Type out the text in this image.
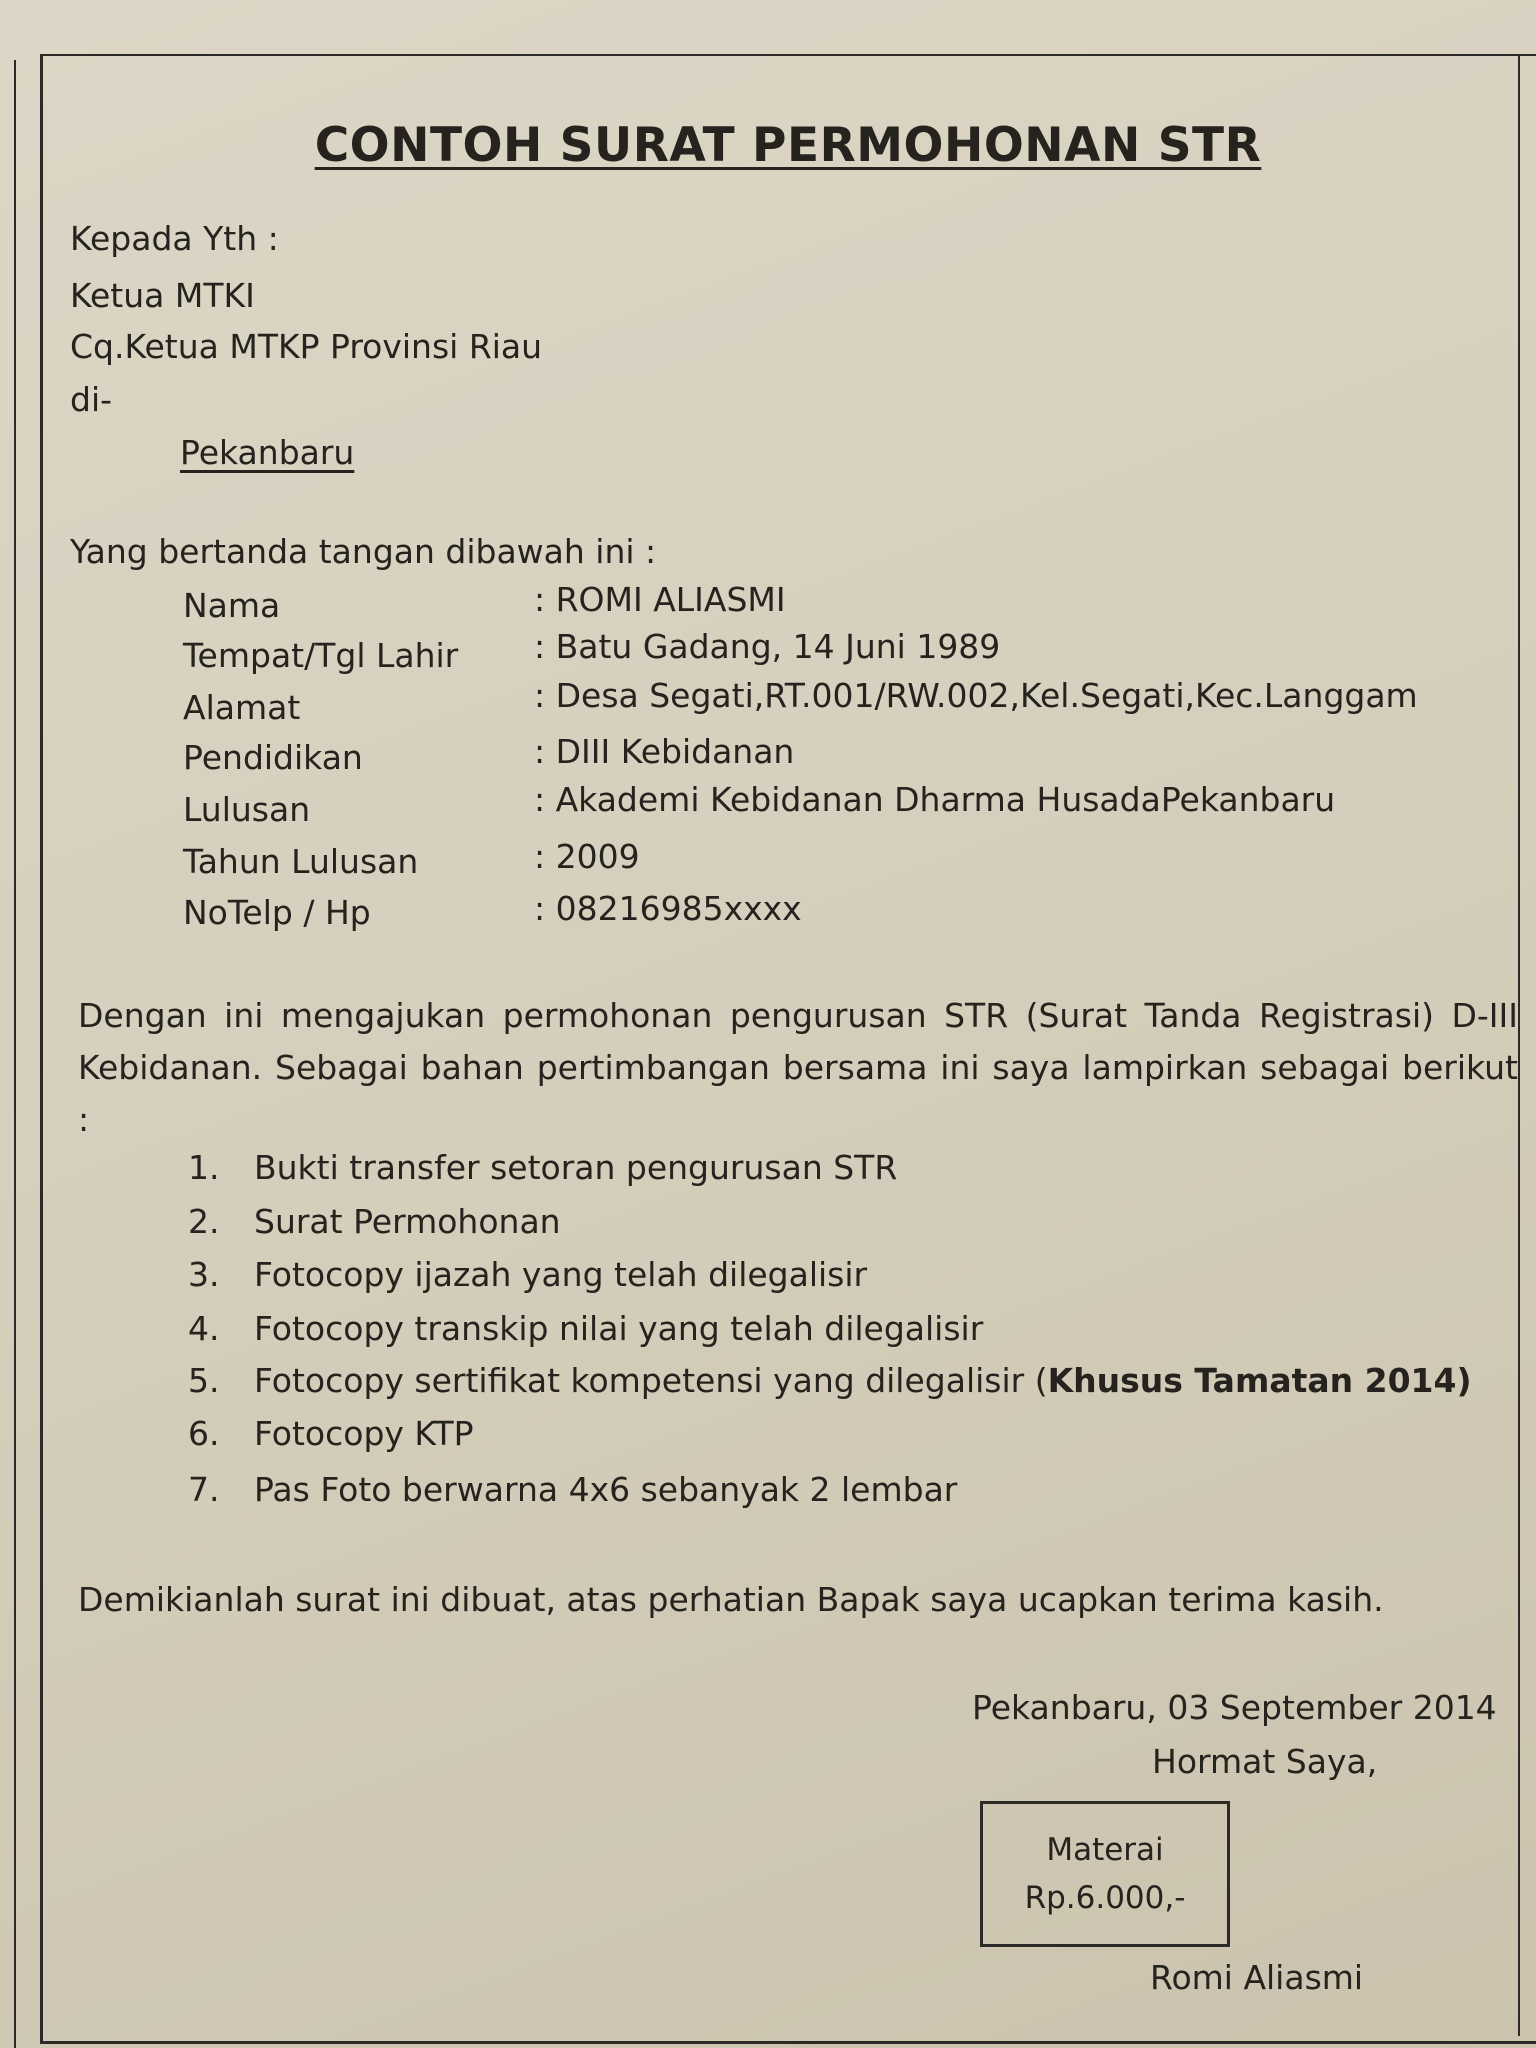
CONTOH SURAT PERMOHONAN STR
Kepada Yth :
Ketua MTKI
Cq.Ketua MTKP Provinsi Riau
di-
Pekanbaru
Yang bertanda tangan dibawah ini :
Nama	: ROMI ALIASMI
Tempat/Tgl Lahir : Batu Gadang, 14 Juni 1989
Alamat	: Desa Segati,RT.001/RW.002,Kel.Segati,Kec.Langgam
Pendidikan	: DIII Kebidanan
Lulusan	: Akademi Kebidanan Dharma HusadaPekanbaru
Tahun Lulusan	: 2009
NoTelp / Hp	: 08216985xxxx
Dengan ini mengajukan permohonan pengurusan STR (Surat Tanda Registrasi) D-III Kebidanan. Sebagai bahan pertimbangan bersama ini saya lampirkan sebagai berikut :
1. Bukti transfer setoran pengurusan STR
2. Surat Permohonan
3. Fotocopy ijazah yang telah dilegalisir
4. Fotocopy transkip nilai yang telah dilegalisir
5. Fotocopy sertifikat kompetensi yang dilegalisir (Khusus Tamatan 2014)
6. Fotocopy KTP
7. Pas Foto berwarna 4x6 sebanyak 2 lembar
Demikianlah surat ini dibuat, atas perhatian Bapak saya ucapkan terima kasih.
Pekanbaru, 03 September 2014
Hormat Saya,
Materai
Rp.6.000,-
Romi Aliasmi
